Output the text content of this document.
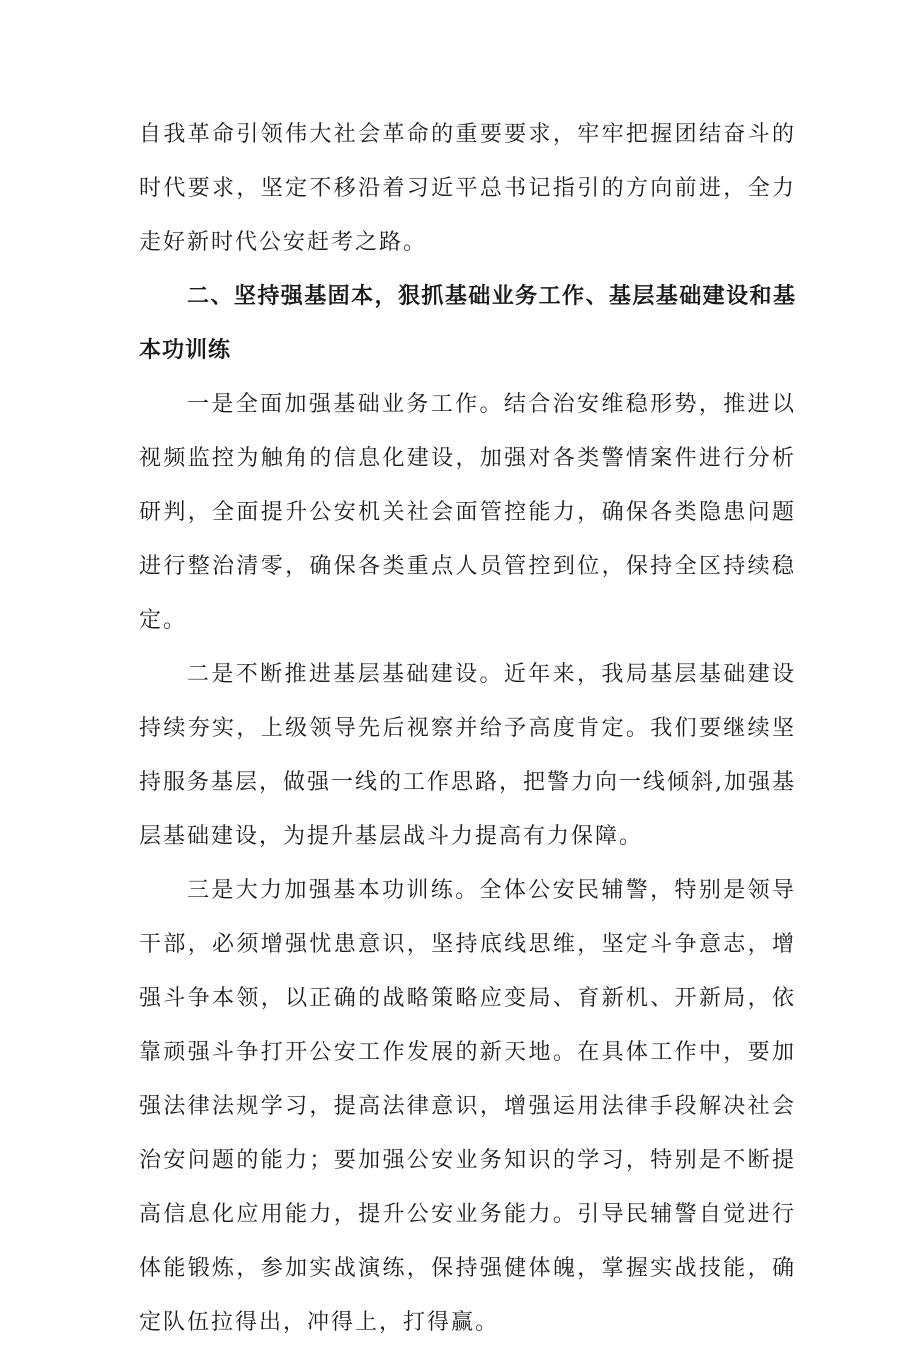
自我革命引领伟大社会革命的重要要求，牢牢把握团结奋斗的时代要求，坚定不移沿着习近平总书记指引的方向前进，全力走好新时代公安赶考之路。

二、坚持强基固本，狠抓基础业务工作、基层基础建设和基本功训练

一是全面加强基础业务工作。结合治安维稳形势，推进以视频监控为触角的信息化建设，加强对各类警情案件进行分析研判，全面提升公安机关社会面管控能力，确保各类隐患问题进行整治清零，确保各类重点人员管控到位，保持全区持续稳定。

二是不断推进基层基础建设。近年来，我局基层基础建设持续夯实，上级领导先后视察并给予高度肯定。我们要继续坚持服务基层，做强一线的工作思路，把警力向一线倾斜,加强基层基础建设，为提升基层战斗力提高有力保障。

三是大力加强基本功训练。全体公安民辅警，特别是领导干部，必须增强忧患意识，坚持底线思维，坚定斗争意志，增强斗争本领，以正确的战略策略应变局、育新机、开新局，依靠顽强斗争打开公安工作发展的新天地。在具体工作中，要加强法律法规学习，提高法律意识，增强运用法律手段解决社会治安问题的能力；要加强公安业务知识的学习，特别是不断提高信息化应用能力，提升公安业务能力。引导民辅警自觉进行体能锻炼，参加实战演练，保持强健体魄，掌握实战技能，确定队伍拉得出，冲得上，打得赢。
